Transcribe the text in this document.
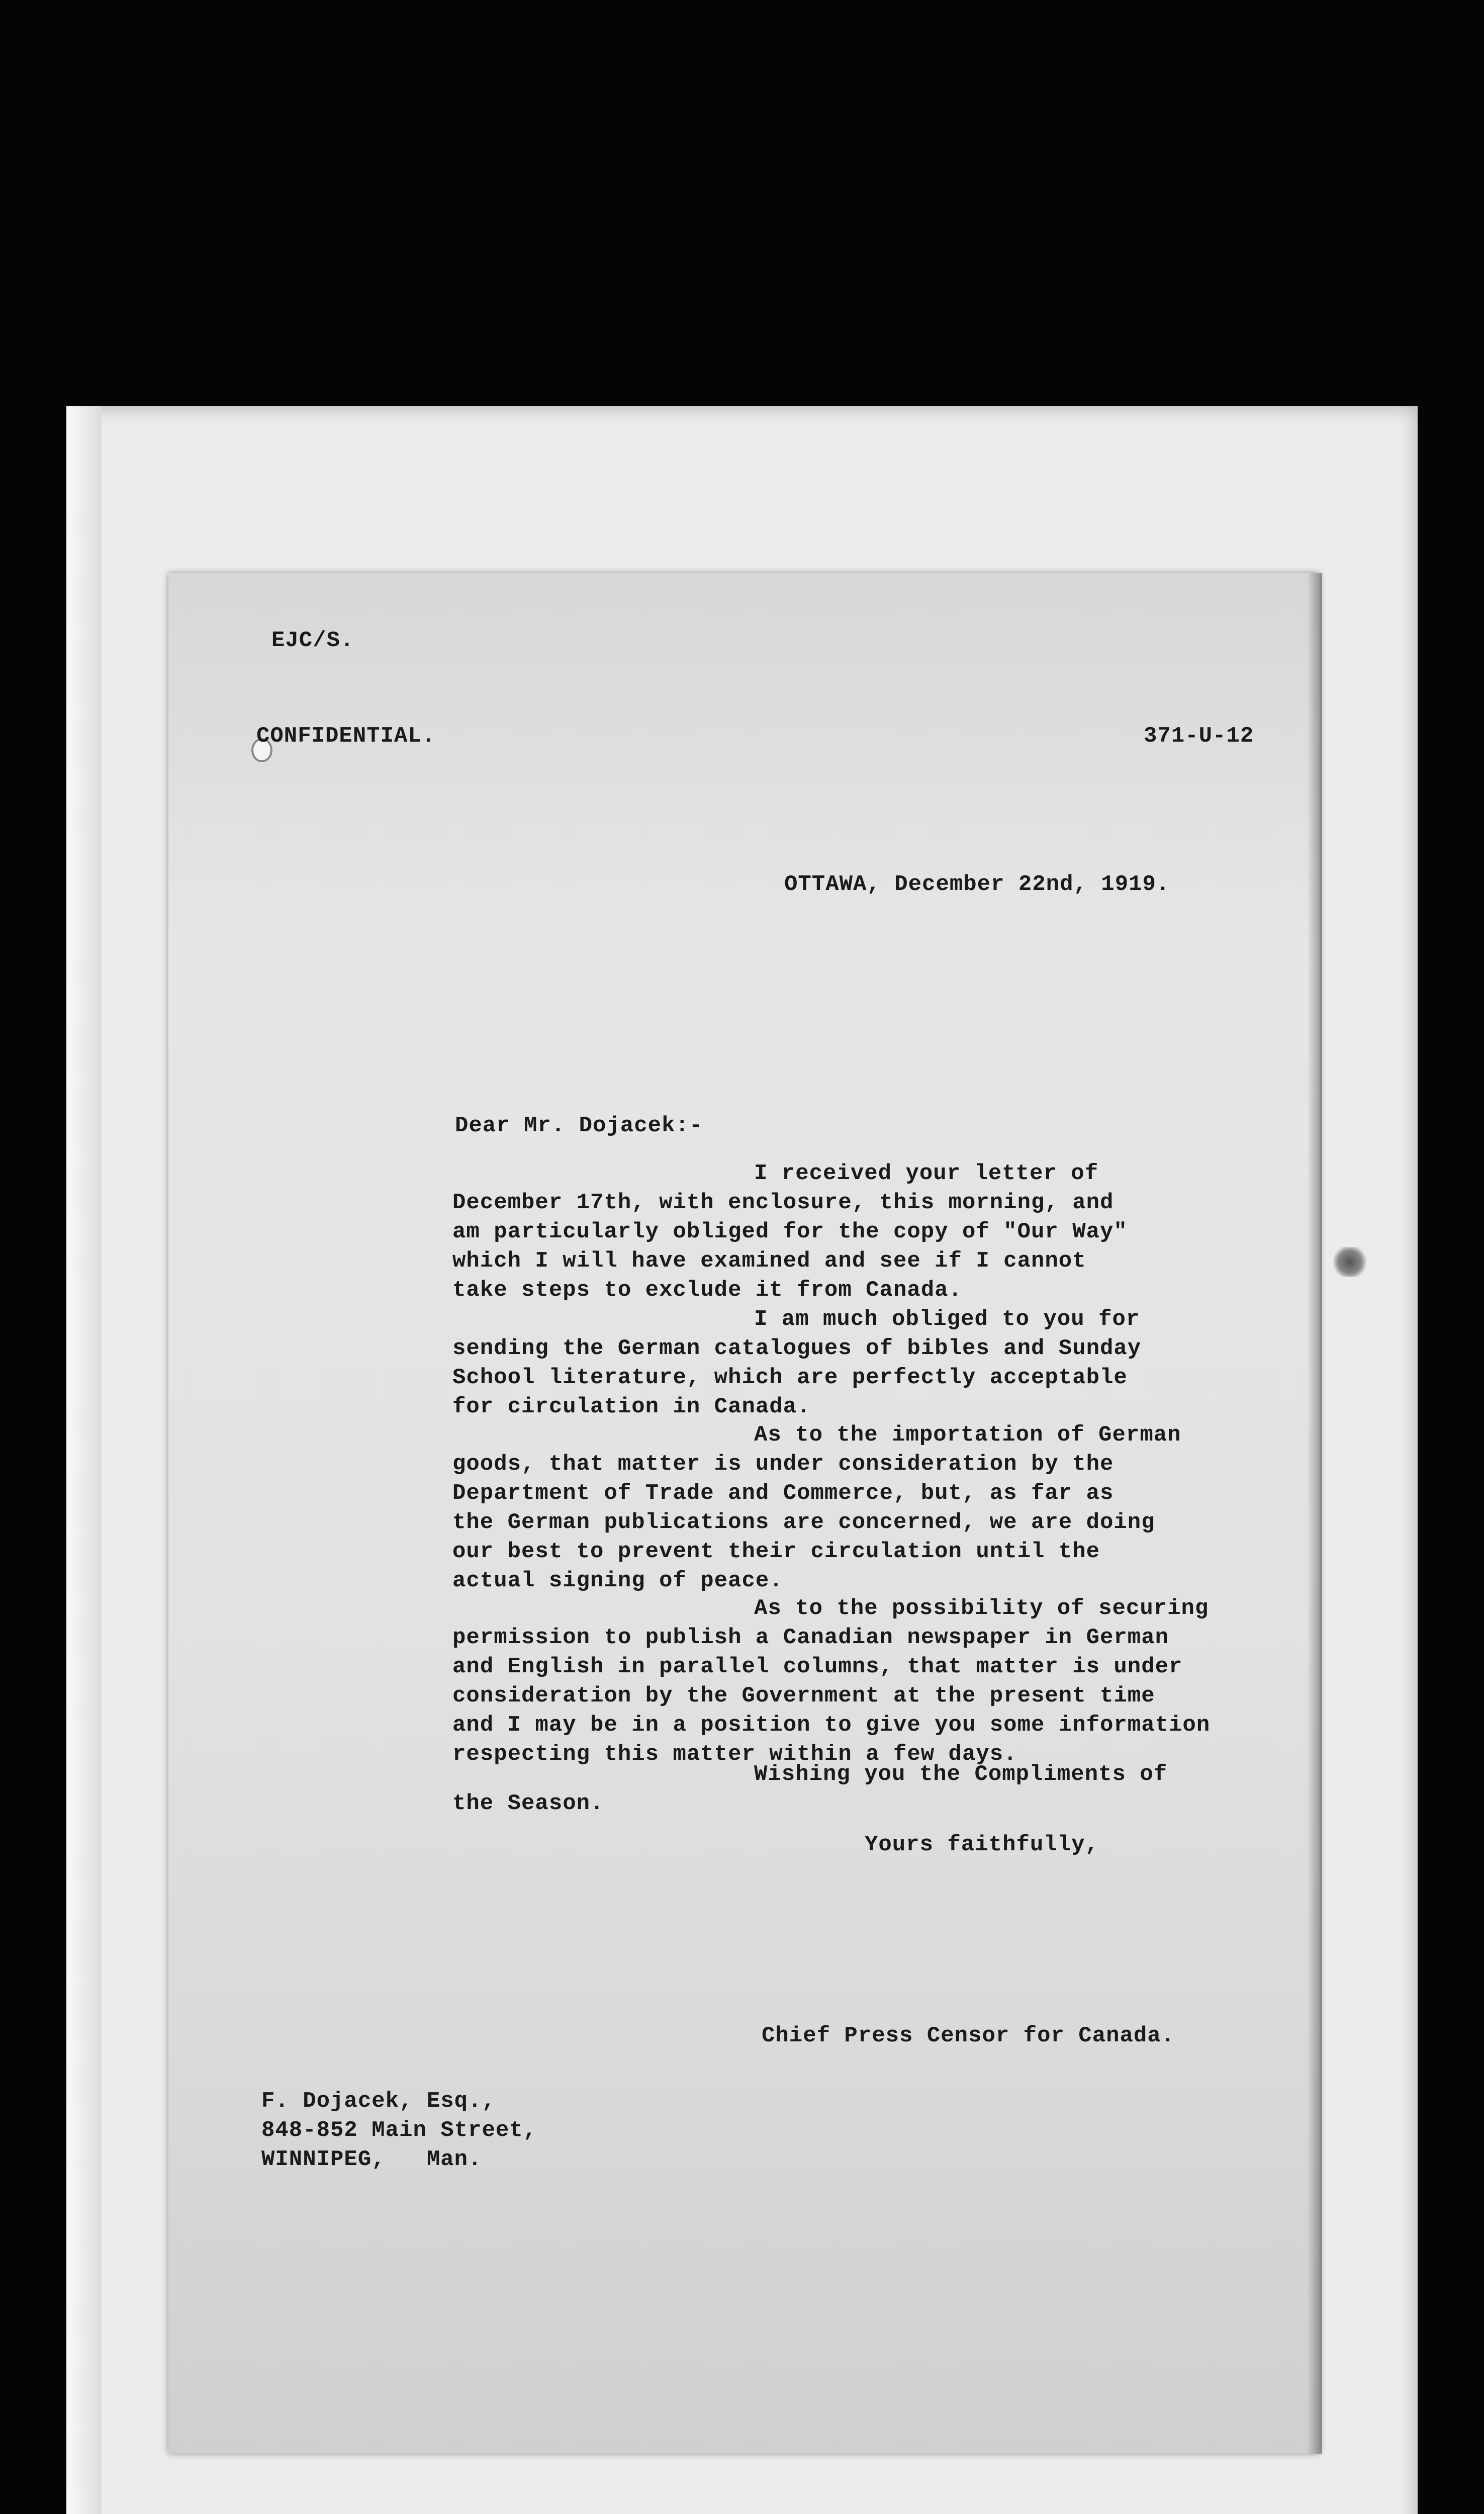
EJC/S.
CONFIDENTIAL.	371-U-12
OTTAWA, December 22nd, 1919.
Dear Mr. Dojacek:-
I received your letter of
December 17th, with enclosure, this morning, and
am particularly obliged for the copy of "Our Way"
which I will have examined and see if I cannot
take steps to exclude it from Canada.
I am much obliged to you for
sending the German catalogues of bibles and Sunday
School literature, which are perfectly acceptable
for circulation in Canada.
As to the importation of German
goods, that matter is under consideration by the
Department of Trade and Commerce, but, as far as
the German publications are concerned, we are doing
our best to prevent their circulation until the
actual signing of peace.
As to the possibility of securing
permission to publish a Canadian newspaper in German
and English in parallel columns, that matter is under
consideration by the Government at the present time
and I may be in a position to give you some information
respecting this matter within a few days.
Wishing you the Compliments of
the Season.
Yours faithfully,
Chief Press Censor for Canada.
F. Dojacek, Esq.,
848-852 Main Street,
WINNIPEG,   Man.
